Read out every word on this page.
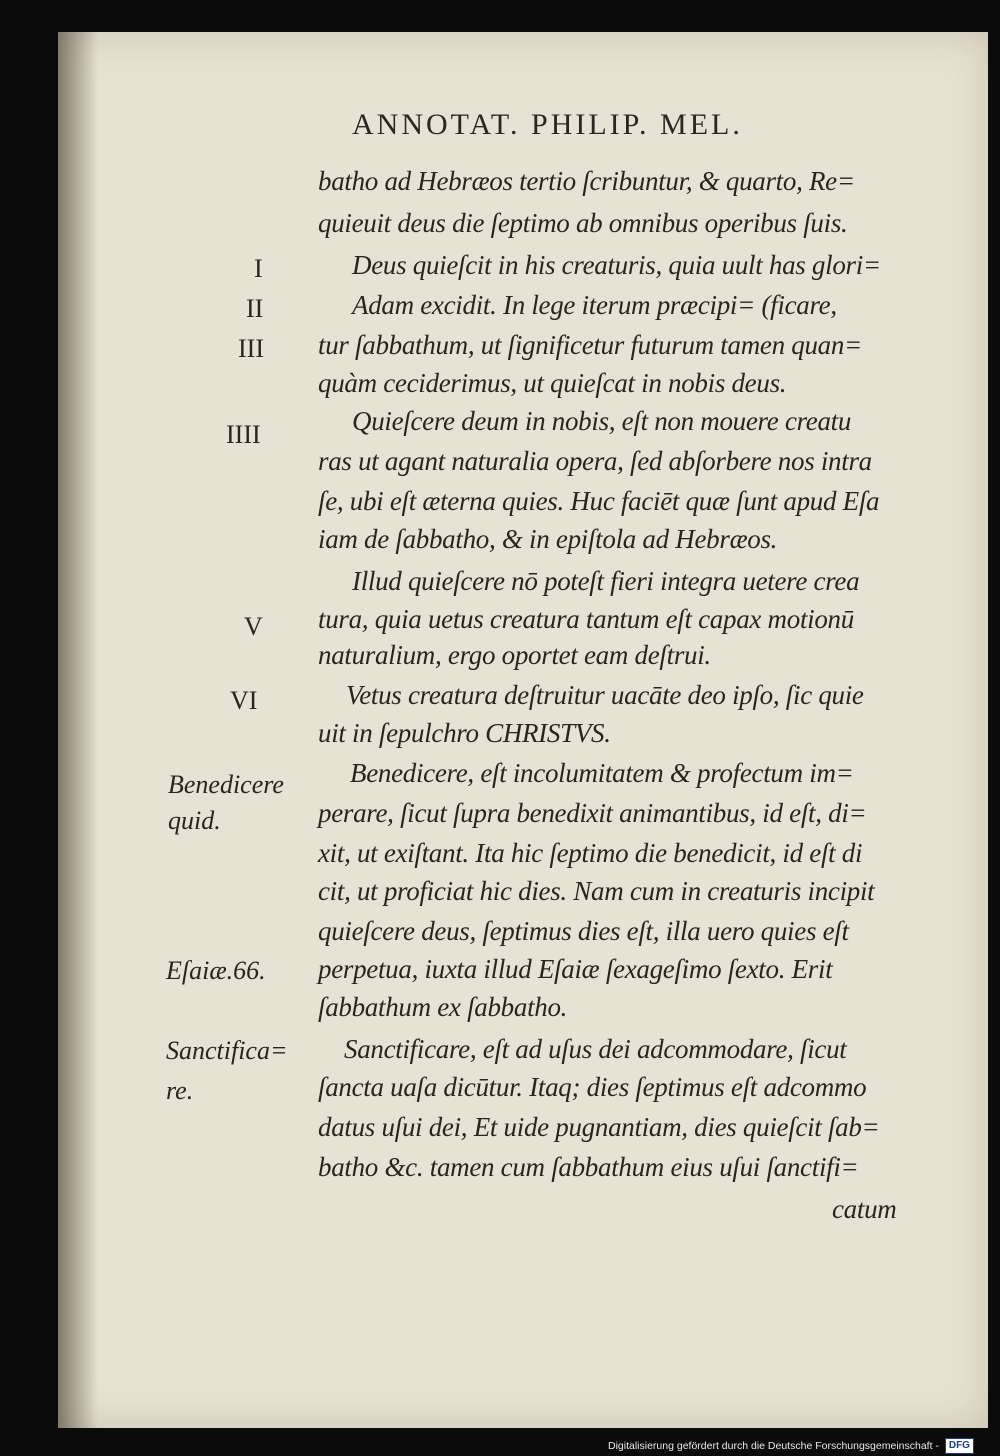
ANNOTAT. PHILIP. MEL.
batho ad Hebræos tertio ſcribuntur, & quarto, Re=
quieuit deus die ſeptimo ab omnibus operibus ſuis.
Deus quieſcit in his creaturis, quia uult has glori=
Adam excidit. In lege iterum præcipi= (ficare,
tur ſabbathum, ut ſignificetur futurum tamen quan=
quàm ceciderimus, ut quieſcat in nobis deus.
Quieſcere deum in nobis, eſt non mouere creatu
ras ut agant naturalia opera, ſed abſorbere nos intra
ſe, ubi eſt æterna quies. Huc faciēt quæ ſunt apud Eſa
iam de ſabbatho, & in epiſtola ad Hebræos.
Illud quieſcere nō poteſt fieri integra uetere crea
tura, quia uetus creatura tantum eſt capax motionū
naturalium, ergo oportet eam deſtrui.
Vetus creatura deſtruitur uacāte deo ipſo, ſic quie
uit in ſepulchro CHRISTVS.
Benedicere, eſt incolumitatem & profectum im=
perare, ſicut ſupra benedixit animantibus, id eſt, di=
xit, ut exiſtant. Ita hic ſeptimo die benedicit, id eſt di
cit, ut proficiat hic dies. Nam cum in creaturis incipit
quieſcere deus, ſeptimus dies eſt, illa uero quies eſt
perpetua, iuxta illud Eſaiæ ſexageſimo ſexto. Erit
ſabbathum ex ſabbatho.
Sanctificare, eſt ad uſus dei adcommodare, ſicut
ſancta uaſa dicūtur. Itaq; dies ſeptimus eſt adcommo
datus uſui dei, Et uide pugnantiam, dies quieſcit ſab=
batho &c. tamen cum ſabbathum eius uſui ſanctifi=
catum
I
II
III
IIII
V
VI
Benedicere
quid.
Eſaiæ.66.
Sanctifica=
re.
Digitalisierung gefördert durch die Deutsche Forschungsgemeinschaft - DFG
